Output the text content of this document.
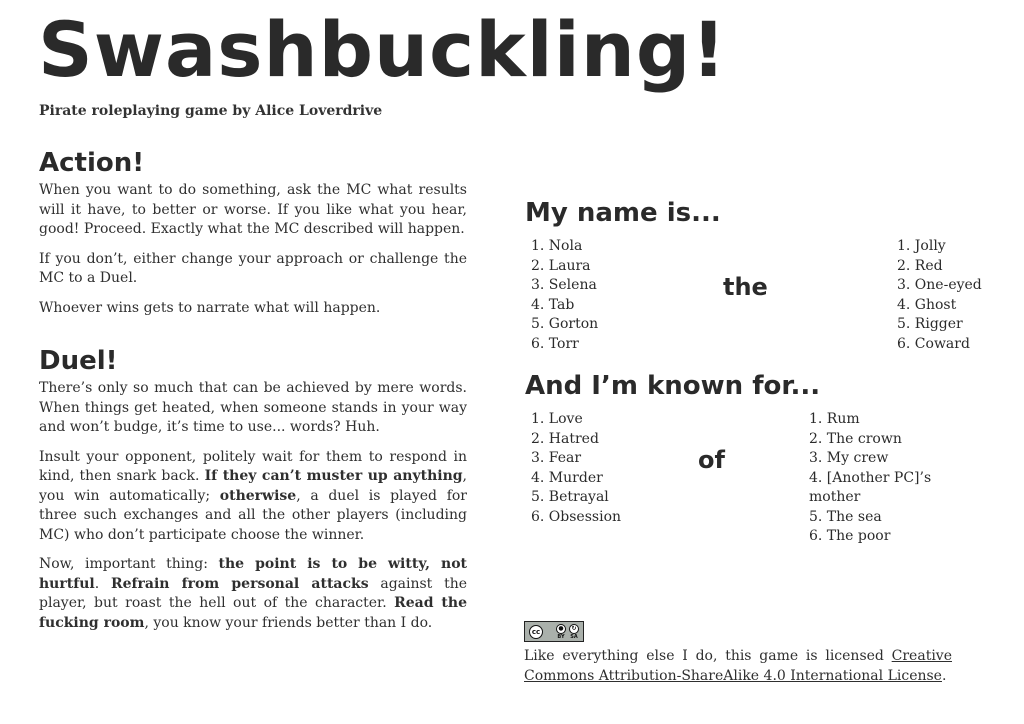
Swashbuckling!

Pirate roleplaying game by Alice Loverdrive

Action!

When you want to do something, ask the MC what results will it have, to better or worse. If you like what you hear, good! Proceed. Exactly what the MC described will happen.

If you don’t, either change your approach or challenge the MC to a Duel.

Whoever wins gets to narrate what will happen.

Duel!

There’s only so much that can be achieved by mere words. When things get heated, when someone stands in your way and won’t budge, it’s time to use... words? Huh.

Insult your opponent, politely wait for them to respond in kind, then snark back. If they can’t muster up anything, you win automatically; otherwise, a duel is played for three such exchanges and all the other players (including MC) who don’t participate choose the winner.

Now, important thing: the point is to be witty, not hurtful. Refrain from personal attacks against the player, but roast the hell out of the character. Read the fucking room, you know your friends better than I do.

My name is...
1. Nola
2. Laura
3. Selena
4. Tab
5. Gorton
6. Torr
the
1. Jolly
2. Red
3. One-eyed
4. Ghost
5. Rigger
6. Coward
And I’m known for...
1. Love
2. Hatred
3. Fear
4. Murder
5. Betrayal
6. Obsession
of
1. Rum
2. The crown
3. My crew
4. [Another PC]’s mother
5. The sea
6. The poor
cc	●
BY
↻
SA

Like everything else I do, this game is licensed Creative Commons Attribution-ShareAlike 4.0 International License.
